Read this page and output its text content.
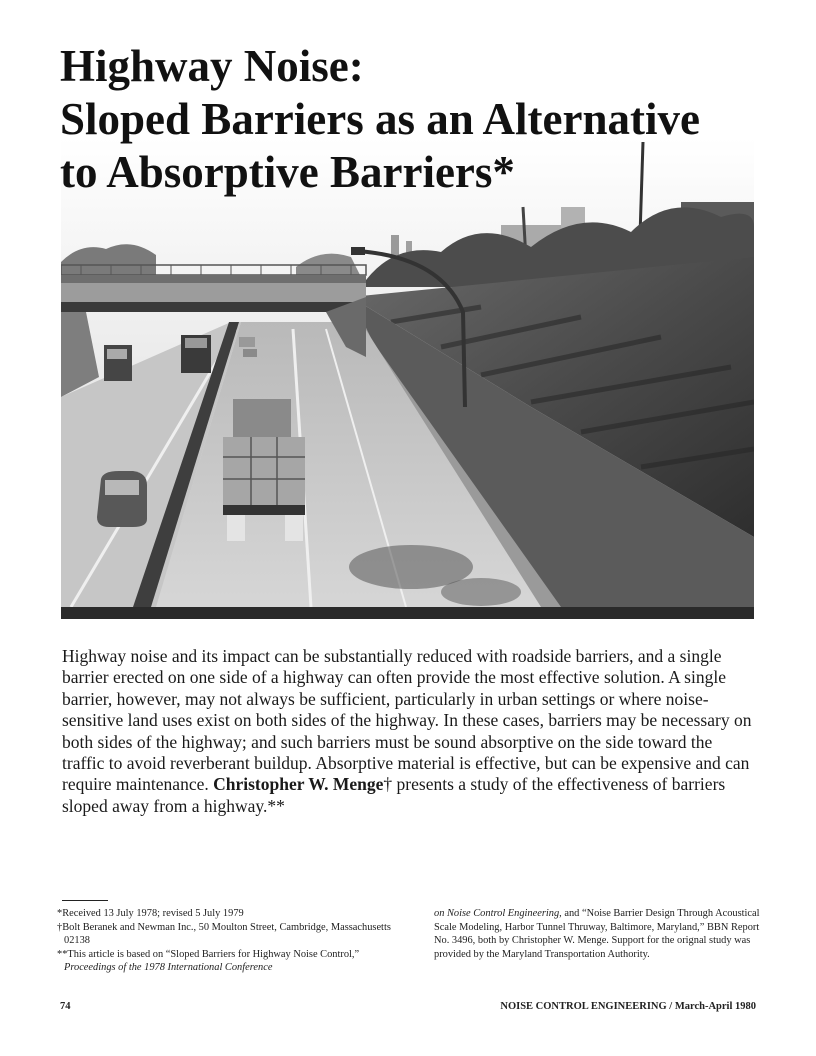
Highway Noise:
Sloped Barriers as an Alternative
to Absorptive Barriers*

Highway noise and its impact can be substantially reduced with roadside barriers, and a single barrier erected on one side of a highway can often provide the most effective solution. A single barrier, however, may not always be sufficient, particularly in urban settings or where noise-sensitive land uses exist on both sides of the highway. In these cases, barriers may be necessary on both sides of the highway; and such barriers must be sound absorptive on the side toward the traffic to avoid reverberant buildup. Absorptive material is effective, but can be expensive and can require maintenance. Christopher W. Menge† presents a study of the effectiveness of barriers sloped away from a highway.**

*Received 13 July 1978; revised 5 July 1979

†Bolt Beranek and Newman Inc., 50 Moulton Street, Cambridge, Massachusetts 02138

**This article is based on “Sloped Barriers for Highway Noise Control,” Proceedings of the 1978 International Conference

on Noise Control Engineering, and “Noise Barrier Design Through Acoustical Scale Modeling, Harbor Tunnel Thruway, Baltimore, Maryland,” BBN Report No. 3496, both by Christopher W. Menge. Support for the orignal study was provided by the Maryland Transportation Authority.

74	NOISE CONTROL ENGINEERING / March-April 1980
